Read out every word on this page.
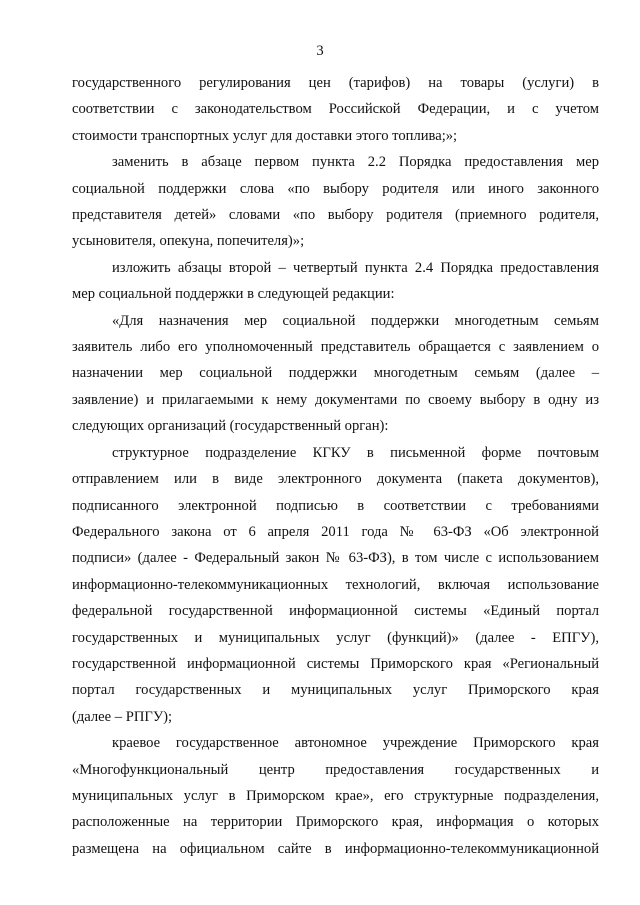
3

государственного регулирования цен (тарифов) на товары (услуги) в
соответствии с законодательством Российской Федерации, и с учетом
стоимости транспортных услуг для доставки этого топлива;»;

заменить в абзаце первом пункта 2.2 Порядка предоставления мер
социальной поддержки слова «по выбору родителя или иного законного
представителя детей» словами «по выбору родителя (приемного родителя,
усыновителя, опекуна, попечителя)»;

изложить абзацы второй – четвертый пункта 2.4 Порядка предоставления
мер социальной поддержки в следующей редакции:

«Для назначения мер социальной поддержки многодетным семьям
заявитель либо его уполномоченный представитель обращается с заявлением о
назначении мер социальной поддержки многодетным семьям (далее –
заявление) и прилагаемыми к нему документами по своему выбору в одну из
следующих организаций (государственный орган):

структурное подразделение КГКУ в письменной форме почтовым
отправлением или в виде электронного документа (пакета документов),
подписанного электронной подписью в соответствии с требованиями
Федерального закона от 6 апреля 2011 года № 63-ФЗ «Об электронной
подписи» (далее - Федеральный закон № 63-ФЗ), в том числе с использованием
информационно-телекоммуникационных технологий, включая использование
федеральной государственной информационной системы «Единый портал
государственных и муниципальных услуг (функций)» (далее - ЕПГУ),
государственной информационной системы Приморского края «Региональный
портал государственных и муниципальных услуг Приморского края
(далее – РПГУ);

краевое государственное автономное учреждение Приморского края
«Многофункциональный центр предоставления государственных и
муниципальных услуг в Приморском крае», его структурные подразделения,
расположенные на территории Приморского края, информация о которых
размещена на официальном сайте в информационно-телекоммуникационной
